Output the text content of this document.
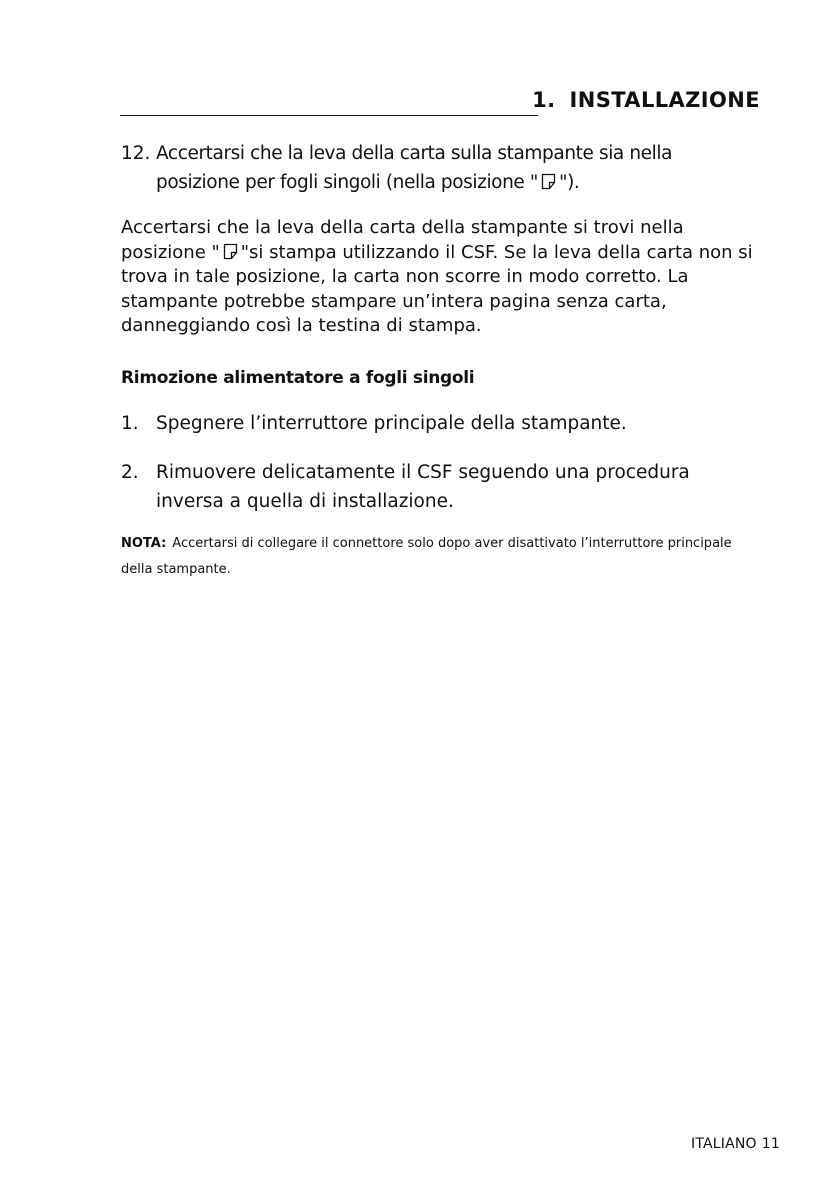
1. INSTALLAZIONE
12. Accertarsi che la leva della carta sulla stampante sia nella posizione per fogli singoli (nella posizione " ").

Accertarsi che la leva della carta della stampante si trovi nella posizione " "si stampa utilizzando il CSF. Se la leva della carta non si trova in tale posizione, la carta non scorre in modo corretto. La stampante potrebbe stampare un’intera pagina senza carta, danneggiando così la testina di stampa.

Rimozione alimentatore a fogli singoli
1. Spegnere l’interruttore principale della stampante.
2. Rimuovere delicatamente il CSF seguendo una procedura inversa a quella di installazione.

NOTA: Accertarsi di collegare il connettore solo dopo aver disattivato l’interruttore principale della stampante.

ITALIANO 11
